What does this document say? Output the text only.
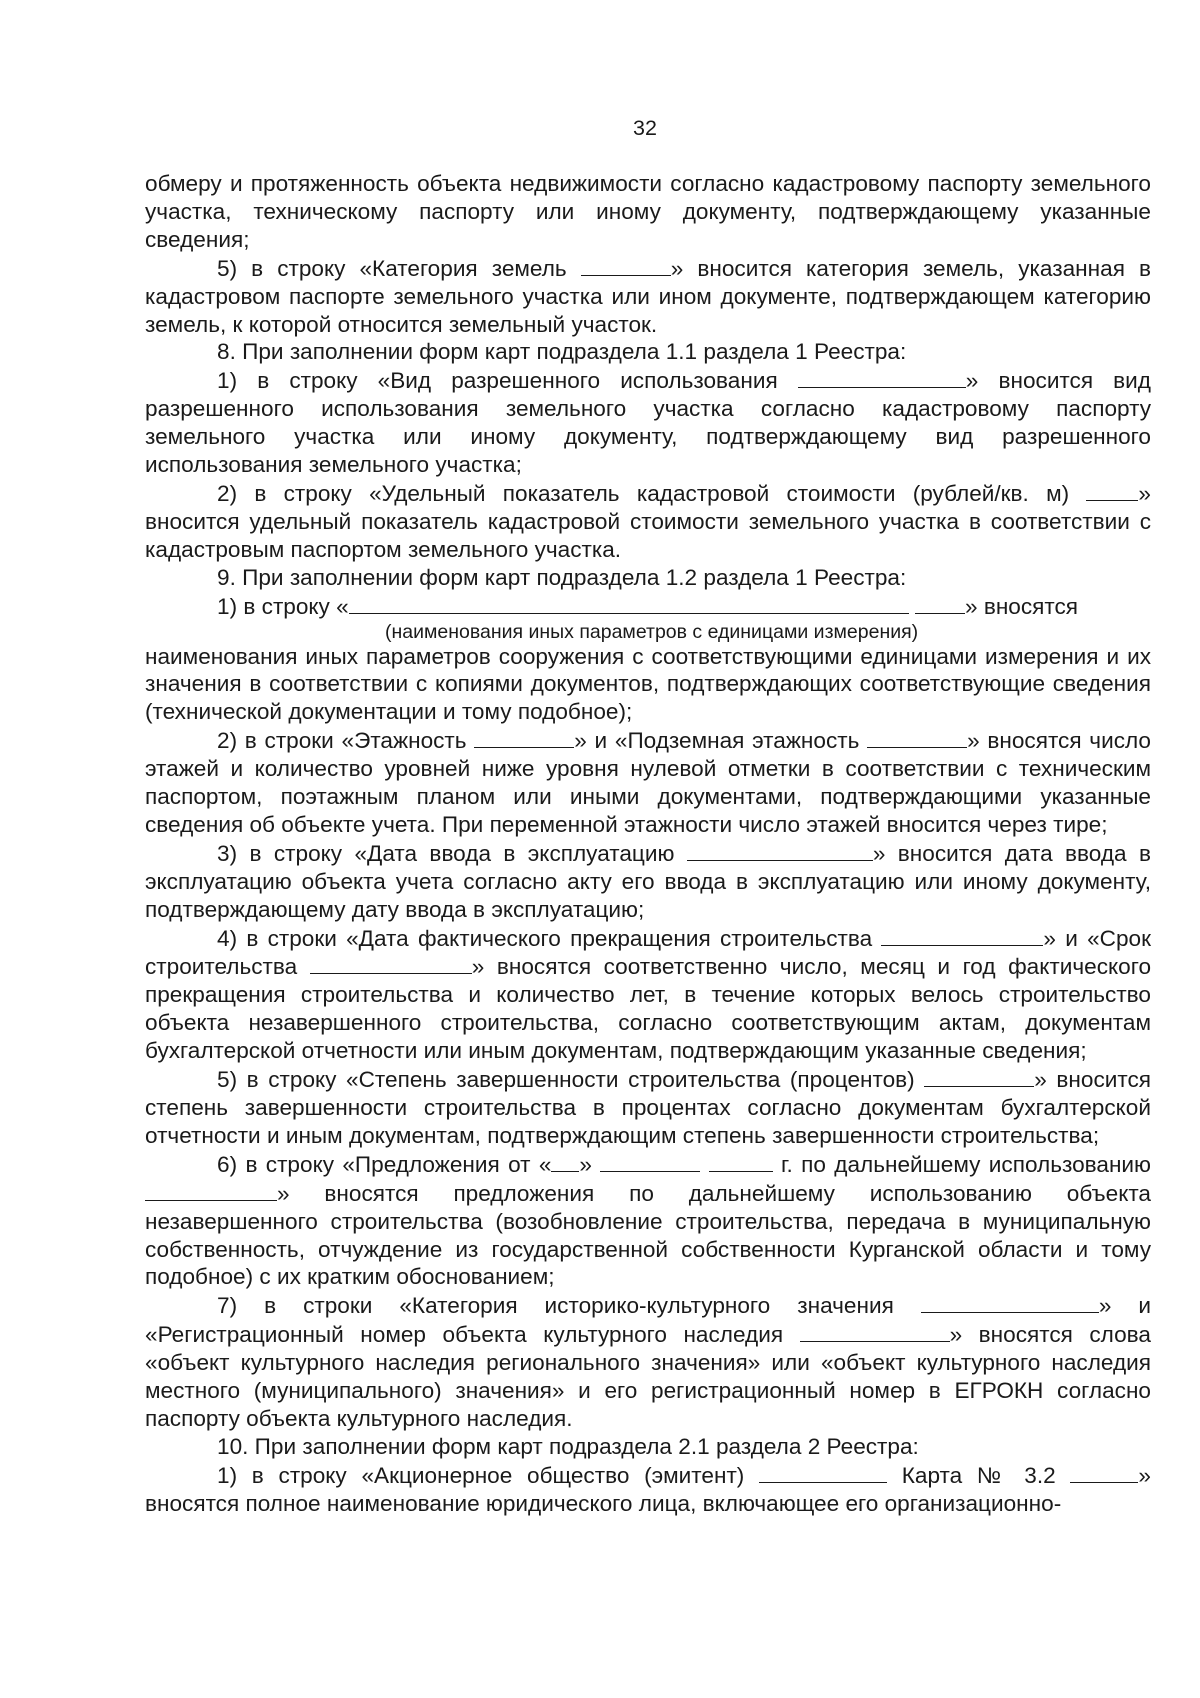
32

обмеру и протяженность объекта недвижимости согласно кадастровому паспорту земельного участка, техническому паспорту или иному документу, подтверждающему указанные сведения;

5) в строку «Категория земель	» вносится категория земель, указанная в кадастровом паспорте земельного участка или ином документе, подтверждающем категорию земель, к которой относится земельный участок.

8. При заполнении форм карт подраздела 1.1 раздела 1 Реестра:

1) в строку «Вид разрешенного использования	» вносится вид разрешенного использования земельного участка согласно кадастровому паспорту земельного участка или иному документу, подтверждающему вид разрешенного использования земельного участка;

2) в строку «Удельный показатель кадастровой стоимости (рублей/кв. м) » вносится удельный показатель кадастровой стоимости земельного участка в соответствии с кадастровым паспортом земельного участка.

9. При заполнении форм карт подраздела 1.2 раздела 1 Реестра:

1) в строку «	» вносятся

(наименования иных параметров с единицами измерения)

наименования иных параметров сооружения с соответствующими единицами измерения и их значения в соответствии с копиями документов, подтверждающих соответствующие сведения (технической документации и тому подобное);

2) в строки «Этажность	» и «Подземная этажность	» вносятся число этажей и количество уровней ниже уровня нулевой отметки в соответствии с техническим паспортом, поэтажным планом или иными документами, подтверждающими указанные сведения об объекте учета. При переменной этажности число этажей вносится через тире;

3) в строку «Дата ввода в эксплуатацию	» вносится дата ввода в эксплуатацию объекта учета согласно акту его ввода в эксплуатацию или иному документу, подтверждающему дату ввода в эксплуатацию;

4) в строки «Дата фактического прекращения строительства	» и «Срок строительства	» вносятся соответственно число, месяц и год фактического прекращения строительства и количество лет, в течение которых велось строительство объекта незавершенного строительства, согласно соответствующим актам, документам бухгалтерской отчетности или иным документам, подтверждающим указанные сведения;

5) в строку «Степень завершенности строительства (процентов)	» вносится степень завершенности строительства в процентах согласно документам бухгалтерской отчетности и иным документам, подтверждающим степень завершенности строительства;

6) в строку «Предложения от « »	г. по дальнейшему использованию » вносятся предложения по дальнейшему использованию объекта незавершенного строительства (возобновление строительства, передача в муниципальную собственность, отчуждение из государственной собственности Курганской области и тому подобное) с их кратким обоснованием;

7) в строки «Категория историко-культурного значения	» и «Регистрационный номер объекта культурного наследия	» вносятся слова «объект культурного наследия регионального значения» или «объект культурного наследия местного (муниципального) значения» и его регистрационный номер в ЕГРОКН согласно паспорту объекта культурного наследия.

10. При заполнении форм карт подраздела 2.1 раздела 2 Реестра:

1) в строку «Акционерное общество (эмитент)	Карта № 3.2	» вносятся полное наименование юридического лица, включающее его организационно-
